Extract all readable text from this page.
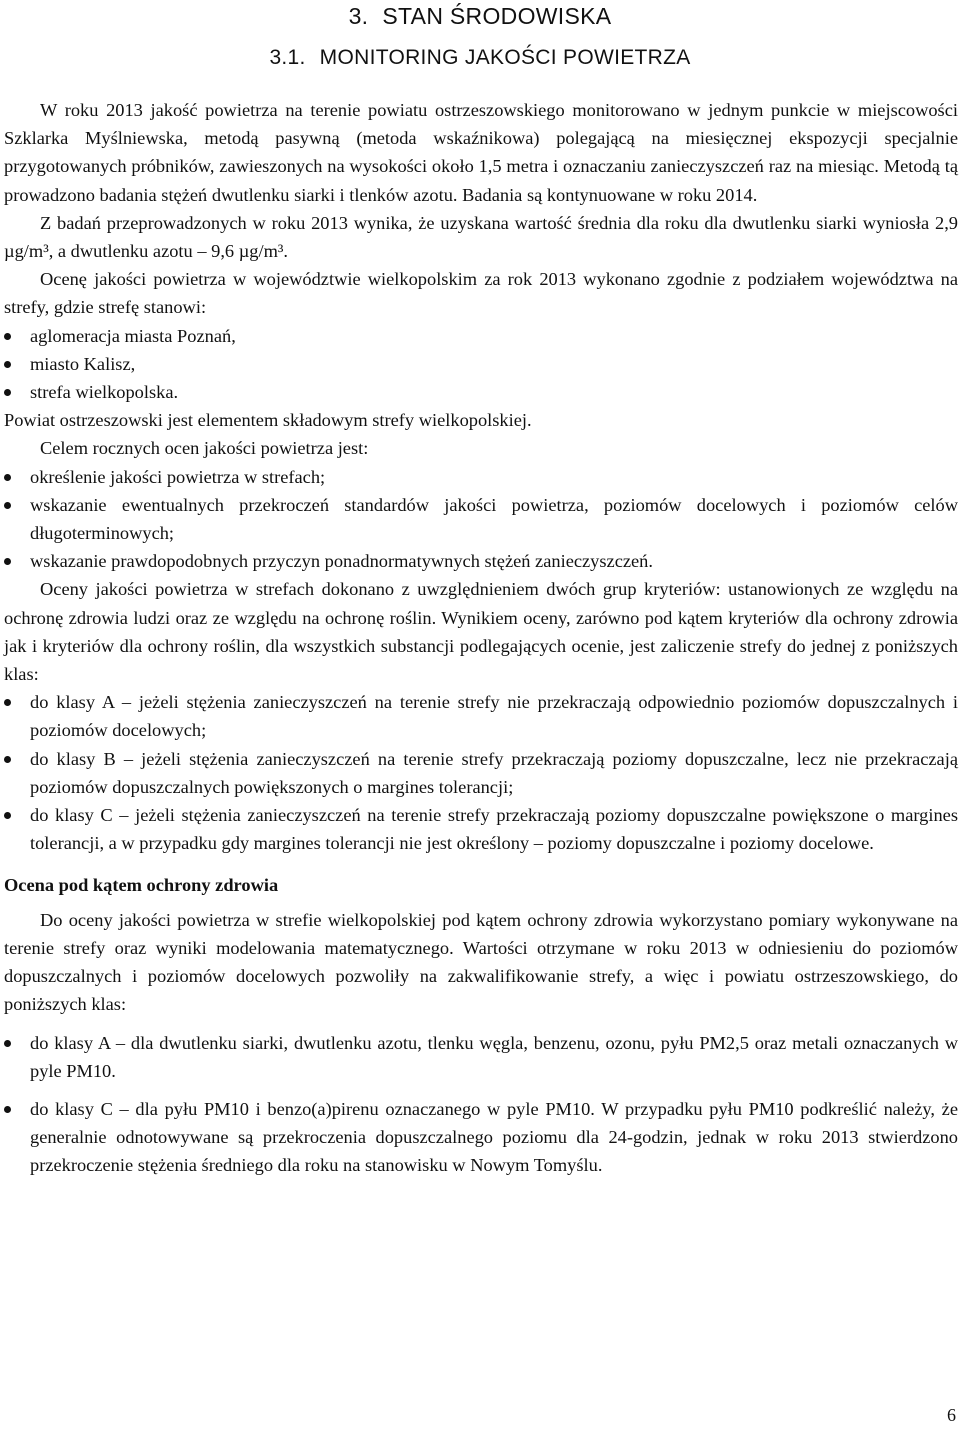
3. STAN ŚRODOWISKA
3.1. MONITORING JAKOŚCI POWIETRZA

W roku 2013 jakość powietrza na terenie powiatu ostrzeszowskiego monitorowano w jednym punkcie w miejscowości Szklarka Myślniewska, metodą pasywną (metoda wskaźnikowa) polegającą na miesięcznej ekspozycji specjalnie przygotowanych próbników, zawieszonych na wysokości około 1,5 metra i oznaczaniu zanieczyszczeń raz na miesiąc. Metodą tą prowadzono badania stężeń dwutlenku siarki i tlenków azotu. Badania są kontynuowane w roku 2014.

Z badań przeprowadzonych w roku 2013 wynika, że uzyskana wartość średnia dla roku dla dwutlenku siarki wyniosła 2,9 µg/m³, a dwutlenku azotu – 9,6 µg/m³.

Ocenę jakości powietrza w województwie wielkopolskim za rok 2013 wykonano zgodnie z podziałem województwa na strefy, gdzie strefę stanowi:

aglomeracja miasta Poznań,
miasto Kalisz,
strefa wielkopolska.

Powiat ostrzeszowski jest elementem składowym strefy wielkopolskiej.

Celem rocznych ocen jakości powietrza jest:

określenie jakości powietrza w strefach;
wskazanie ewentualnych przekroczeń standardów jakości powietrza, poziomów docelowych i poziomów celów długoterminowych;
wskazanie prawdopodobnych przyczyn ponadnormatywnych stężeń zanieczyszczeń.

Oceny jakości powietrza w strefach dokonano z uwzględnieniem dwóch grup kryteriów: ustanowionych ze względu na ochronę zdrowia ludzi oraz ze względu na ochronę roślin. Wynikiem oceny, zarówno pod kątem kryteriów dla ochrony zdrowia jak i kryteriów dla ochrony roślin, dla wszystkich substancji podlegających ocenie, jest zaliczenie strefy do jednej z poniższych klas:

do klasy A – jeżeli stężenia zanieczyszczeń na terenie strefy nie przekraczają odpowiednio poziomów dopuszczalnych i poziomów docelowych;
do klasy B – jeżeli stężenia zanieczyszczeń na terenie strefy przekraczają poziomy dopuszczalne, lecz nie przekraczają poziomów dopuszczalnych powiększonych o margines tolerancji;
do klasy C – jeżeli stężenia zanieczyszczeń na terenie strefy przekraczają poziomy dopuszczalne powiększone o margines tolerancji, a w przypadku gdy margines tolerancji nie jest określony – poziomy dopuszczalne i poziomy docelowe.

Ocena pod kątem ochrony zdrowia

Do oceny jakości powietrza w strefie wielkopolskiej pod kątem ochrony zdrowia wykorzystano pomiary wykonywane na terenie strefy oraz wyniki modelowania matematycznego. Wartości otrzymane w roku 2013 w odniesieniu do poziomów dopuszczalnych i poziomów docelowych pozwoliły na zakwalifikowanie strefy, a więc i powiatu ostrzeszowskiego, do poniższych klas:

do klasy A – dla dwutlenku siarki, dwutlenku azotu, tlenku węgla, benzenu, ozonu, pyłu PM2,5 oraz metali oznaczanych w pyle PM10.
do klasy C – dla pyłu PM10 i benzo(a)pirenu oznaczanego w pyle PM10. W przypadku pyłu PM10 podkreślić należy, że generalnie odnotowywane są przekroczenia dopuszczalnego poziomu dla 24-godzin, jednak w roku 2013 stwierdzono przekroczenie stężenia średniego dla roku na stanowisku w Nowym Tomyślu.
6
